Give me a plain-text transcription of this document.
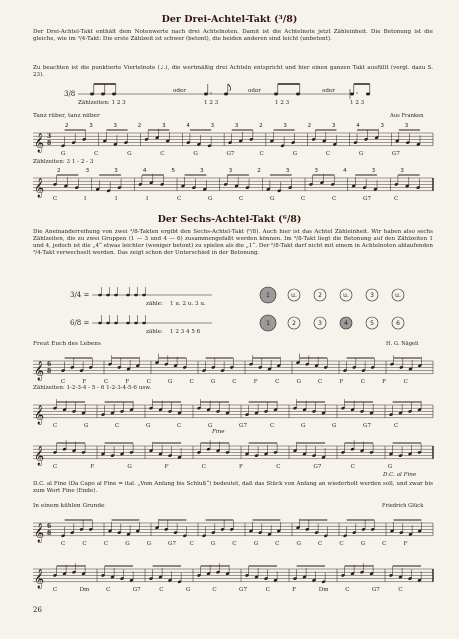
Der Drei-Achtel-Takt (³/8)

Der Drei-Achtel-Takt enthält dem Notenwerte nach drei Achtelnoten. Damit ist die Achtelnote jetzt Zähleinheit. Die Betonung ist die gleiche, wie im ³/4-Takt: Die erste Zählzeit ist schwer (betont), die beiden anderen sind leicht (unbetont).

Zu beachten ist die punktierte Viertelnote (♩.), die wertmäßig drei Achteln entspricht und hier einen ganzen Takt ausfüllt (vergl. dazu S. 23).

3/8	oder	oder	oder
Zählzeiten: 1 2 3	1 2 3	1 2 3	1 2 3
Tanz rüber, tanz nüber	Aus Franken
𝄞 3
8
2	3	3	2	3	4	3	3	2	3	2	3	4	3	3
G	C	G	C	G	G7	C	G	C	G	G7
Zählzeiten: 3 1 - 2 - 3
𝄞
2	3	3	4	5	3	3	2	3	3	4	3	3
C	I	I	I	C	G	C	G	C	C	G7	C
Der Sechs-Achtel-Takt (⁶/8)

Die Aneinanderreihung von zwei ³/8-Takten ergibt den Sechs-Achtel-Takt (⁶/8). Auch hier ist das Achtel Zähleinheit. Wir haben also sechs Zählzeiten, die zu zwei Gruppen (1 — 3 und 4 — 6) zusammengefaßt werden können. Im ⁶/8-Takt liegt die Betonung auf den Zählzeiten 1 und 4, jedoch ist die „4“ etwas leichter (weniger betont) zu spielen als die „1“. Der ⁶/8-Takt darf nicht mit einem in Achtelnoten ablaufenden ³/4-Takt verwechselt werden. Das zeigt schon der Unterschied in der Betonung.

3/4 =
zähle: 1 u. 2 u. 3 u.
1	u.	2	u.	3	u.
6/8 =
zähle: 1 2 3 4 5 6
1	2	3	4	5	6
Freut Euch des Lebens	H. G. Nägeli
𝄞 6
8
C	F	C	F	C	G	C	G	C	F	C	G	C	F	C	F	C
Zählzeiten: 1-2-3-4 - 5 - 6 1-2-3-4-5-6 usw.
𝄞
C	G	C	G	C	G	G7	C	G	G	G7	C
Fine
𝄞
C	F	G	F	C	F	C	G7	C	G
D.C. al Fine

D.C. al Fine (Da Capo al Fine = ital. „Vom Anfang bis Schluß“) bedeutet, daß das Stück von Anfang an wiederholt werden soll, und zwar bis zum Wort Fine (Ende).

In einem kühlen Grunde	Friedrich Glück
𝄞 6
8
C	C	C	G	G	G7 C	G	C	G	C	G	C	C	G	C	F
𝄞
C	Dm	C	G7	C	G	C	G7	C	F	Dm	C	G7	C
26
